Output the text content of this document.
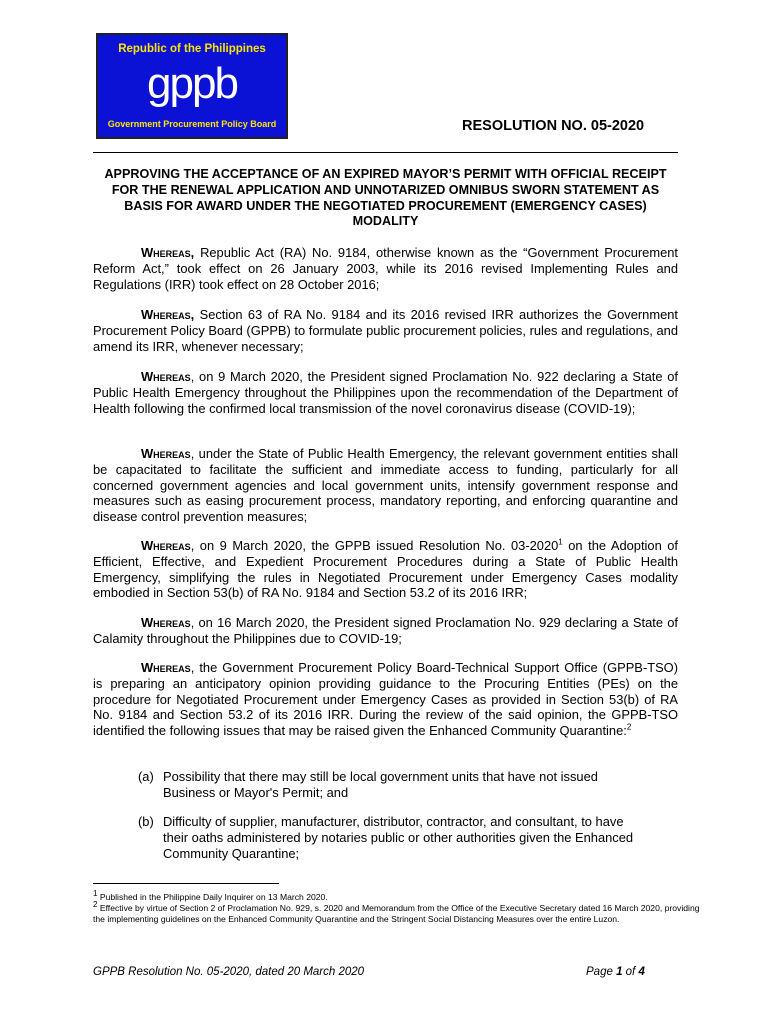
Republic of the Philippines
gppb
Government Procurement Policy Board	RESOLUTION NO. 05-2020
APPROVING THE ACCEPTANCE OF AN EXPIRED MAYOR’S PERMIT WITH OFFICIAL RECEIPT FOR THE RENEWAL APPLICATION AND UNNOTARIZED OMNIBUS SWORN STATEMENT AS BASIS FOR AWARD UNDER THE NEGOTIATED PROCUREMENT (EMERGENCY CASES) MODALITY
Whereas, Republic Act (RA) No. 9184, otherwise known as the “Government Procurement Reform Act,” took effect on 26 January 2003, while its 2016 revised Implementing Rules and Regulations (IRR) took effect on 28 October 2016;
Whereas, Section 63 of RA No. 9184 and its 2016 revised IRR authorizes the Government Procurement Policy Board (GPPB) to formulate public procurement policies, rules and regulations, and amend its IRR, whenever necessary;
Whereas, on 9 March 2020, the President signed Proclamation No. 922 declaring a State of Public Health Emergency throughout the Philippines upon the recommendation of the Department of Health following the confirmed local transmission of the novel coronavirus disease (COVID-19);
Whereas, under the State of Public Health Emergency, the relevant government entities shall be capacitated to facilitate the sufficient and immediate access to funding, particularly for all concerned government agencies and local government units, intensify government response and measures such as easing procurement process, mandatory reporting, and enforcing quarantine and disease control prevention measures;
Whereas, on 9 March 2020, the GPPB issued Resolution No. 03-2020$^1$ on the Adoption of Efficient, Effective, and Expedient Procurement Procedures during a State of Public Health Emergency, simplifying the rules in Negotiated Procurement under Emergency Cases modality embodied in Section 53(b) of RA No. 9184 and Section 53.2 of its 2016 IRR;
Whereas, on 16 March 2020, the President signed Proclamation No. 929 declaring a State of Calamity throughout the Philippines due to COVID-19;
Whereas, the Government Procurement Policy Board-Technical Support Office (GPPB-TSO) is preparing an anticipatory opinion providing guidance to the Procuring Entities (PEs) on the procedure for Negotiated Procurement under Emergency Cases as provided in Section 53(b) of RA No. 9184 and Section 53.2 of its 2016 IRR. During the review of the said opinion, the GPPB-TSO identified the following issues that may be raised given the Enhanced Community Quarantine:$^2$
(a) Possibility that there may still be local government units that have not issued Business or Mayor's Permit; and
(b) Difficulty of supplier, manufacturer, distributor, contractor, and consultant, to have their oaths administered by notaries public or other authorities given the Enhanced Community Quarantine;
$^1$ Published in the Philippine Daily Inquirer on 13 March 2020.
$^2$ Effective by virtue of Section 2 of Proclamation No. 929, s. 2020 and Memorandum from the Office of the Executive Secretary dated 16 March 2020, providing the implementing guidelines on the Enhanced Community Quarantine and the Stringent Social Distancing Measures over the entire Luzon.
GPPB Resolution No. 05-2020, dated 20 March 2020	Page 1 of 4
